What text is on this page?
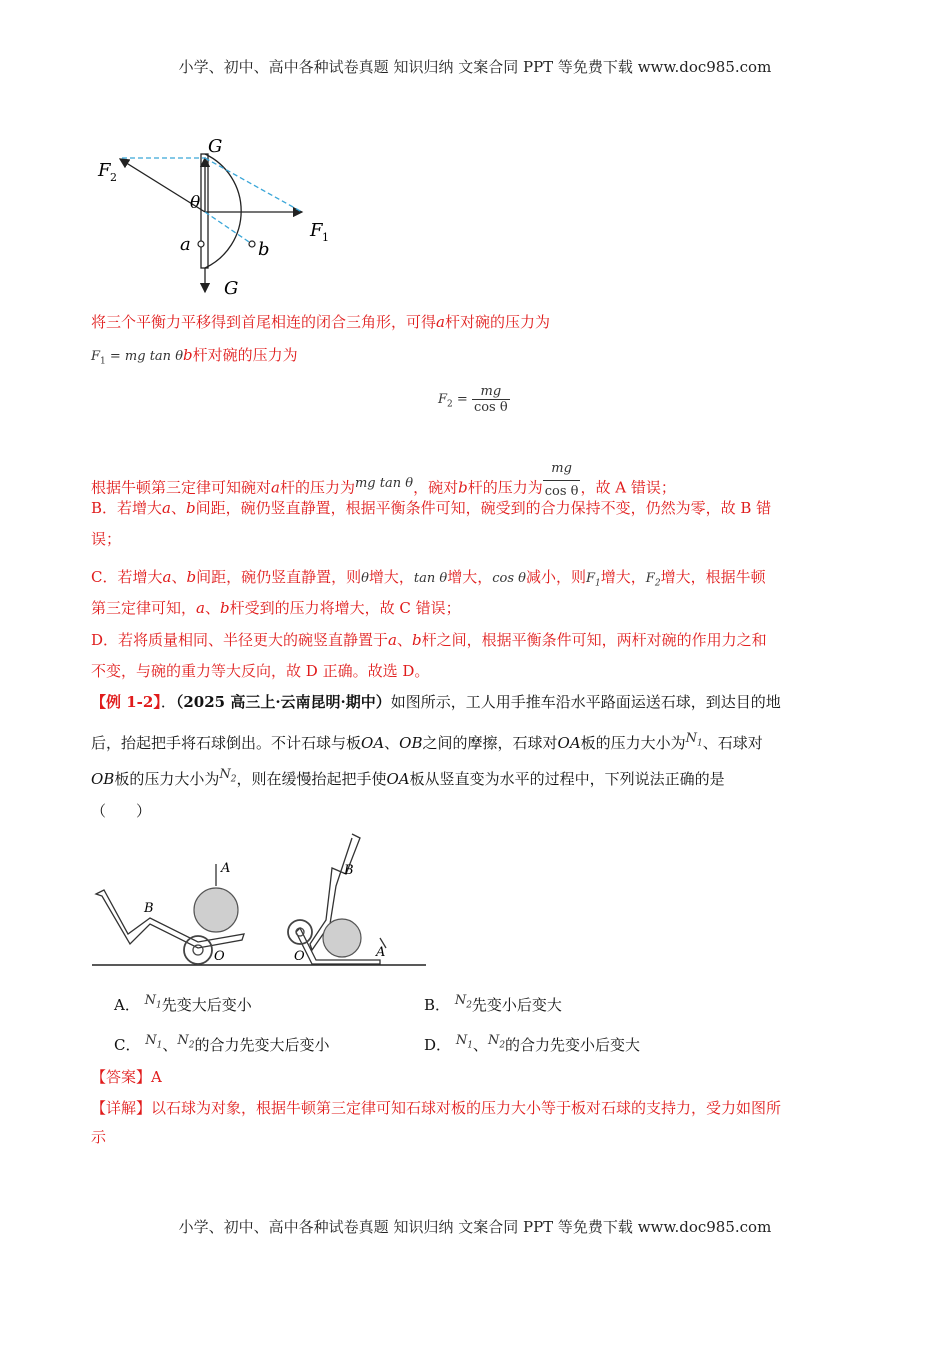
小学、初中、高中各种试卷真题 知识归纳 文案合同 PPT 等免费下载 www.doc985.com
G
G
F 1
F 2
θ
a	b
将三个平衡力平移得到首尾相连的闭合三角形，可得a杆对碗的压力为
$F_1$ = mg tan θb杆对碗的压力为
$F_2 = \frac{mg}{\text{cos θ}}$
根据牛顿第三定律可知碗对a杆的压力为mg tan θ，碗对b杆的压力为 $\frac{mg}{\text{cos θ}}$ ，故 A 错误；
B．若增大a、b间距，碗仍竖直静置，根据平衡条件可知，碗受到的合力保持不变，仍然为零，故 B 错
误；
C．若增大a、b间距，碗仍竖直静置，则θ增大，tan θ增大，cos θ减小，则$F_1$增大，$F_2$增大，根据牛顿
第三定律可知，a、b杆受到的压力将增大，故 C 错误；
D．若将质量相同、半径更大的碗竖直静置于a、b杆之间，根据平衡条件可知，两杆对碗的作用力之和
不变，与碗的重力等大反向，故 D 正确。故选 D。
【例 1-2】．（2025 高三上·云南昆明·期中）如图所示，工人用手推车沿水平路面运送石球，到达目的地
后，抬起把手将石球倒出。不计石球与板OA、OB之间的摩擦，石球对OA板的压力大小为$N_1$、石球对
OB板的压力大小为$N_2$，则在缓慢抬起把手使OA板从竖直变为水平的过程中，下列说法正确的是
（　　）
A
B
O	A
B
O
A． $N_1$先变大后变小	B． $N_2$先变小后变大
C． $N_1$、$N_2$的合力先变大后变小	D． $N_1$、$N_2$的合力先变小后变大
【答案】A
【详解】以石球为对象，根据牛顿第三定律可知石球对板的压力大小等于板对石球的支持力，受力如图所
示
小学、初中、高中各种试卷真题 知识归纳 文案合同 PPT 等免费下载 www.doc985.com
